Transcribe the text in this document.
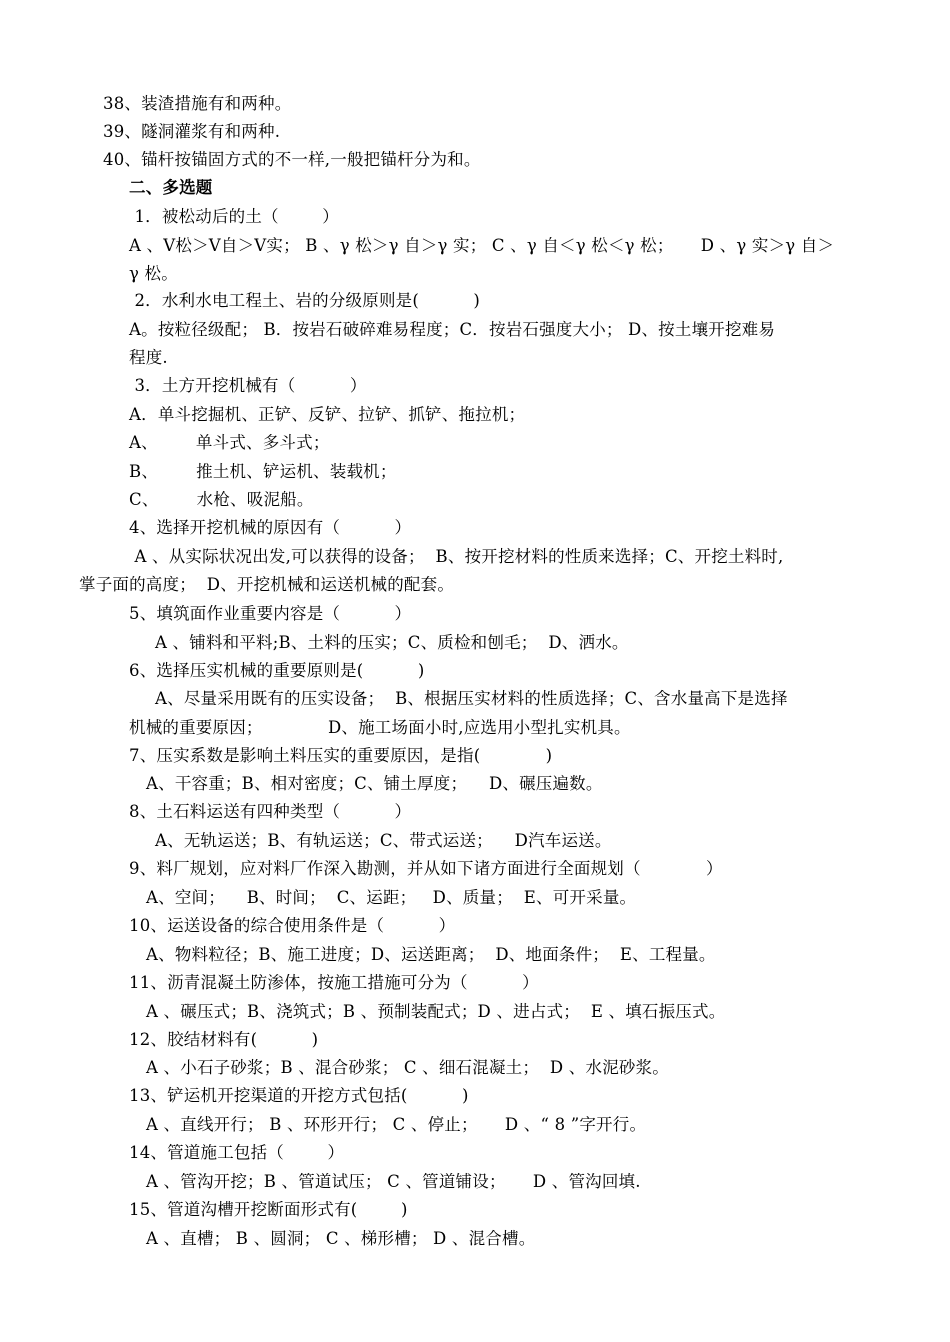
38、装渣措施有和两种。
39、隧洞灌浆有和两种.
40、锚杆按锚固方式的不一样,一般把锚杆分为和。
二、多选题
1．被松动后的土（        ）
A 、V松＞V自＞V实； B 、γ 松＞γ 自＞γ 实； C 、γ 自＜γ 松＜γ 松；     D 、γ 实＞γ 自＞
γ 松。
2．水利水电工程土、岩的分级原则是(          )
A。按粒径级配； B．按岩石破碎难易程度；C．按岩石强度大小； D、按土壤开挖难易
程度.
3．土方开挖机械有（          ）
A．单斗挖掘机、正铲、反铲、拉铲、抓铲、拖拉机；
A、       单斗式、多斗式；
B、       推土机、铲运机、装载机；
C、       水枪、吸泥船。
4、选择开挖机械的原因有（          ）
A 、从实际状况出发,可以获得的设备；  B、按开挖材料的性质来选择；C、开挖土料时,
掌子面的高度；  D、开挖机械和运送机械的配套。
5、填筑面作业重要内容是（          ）
A 、铺料和平料;B、土料的压实；C、质检和刨毛；  D、洒水。
6、选择压实机械的重要原则是(          )
A、尽量采用既有的压实设备；  B、根据压实材料的性质选择；C、含水量高下是选择
机械的重要原因；            D、施工场面小时,应选用小型扎实机具。
7、压实系数是影响土料压实的重要原因，是指(            )
A、干容重；B、相对密度；C、铺土厚度；    D、碾压遍数。
8、土石料运送有四种类型（          ）
A、无轨运送；B、有轨运送；C、带式运送；    D汽车运送。
9、料厂规划，应对料厂作深入勘测，并从如下诸方面进行全面规划（            ）
A、空间；    B、时间；  C、运距；   D、质量；  E、可开采量。
10、运送设备的综合使用条件是（          ）
A、物料粒径；B、施工进度；D、运送距离；  D、地面条件；  E、工程量。
11、沥青混凝土防渗体，按施工措施可分为（          ）
A 、碾压式；B、浇筑式；B 、预制装配式；D 、进占式；  E 、填石振压式。
12、胶结材料有(          )
A 、小石子砂浆；B 、混合砂浆； C 、细石混凝土；  D 、水泥砂浆。
13、铲运机开挖渠道的开挖方式包括(          )
A 、直线开行； B 、环形开行； C 、停止；     D 、“ 8 ”字开行。
14、管道施工包括（        ）
A 、管沟开挖；B 、管道试压； C 、管道铺设；     D 、管沟回填.
15、管道沟槽开挖断面形式有(        )
A 、直槽； B 、圆洞； C 、梯形槽； D 、混合槽。
